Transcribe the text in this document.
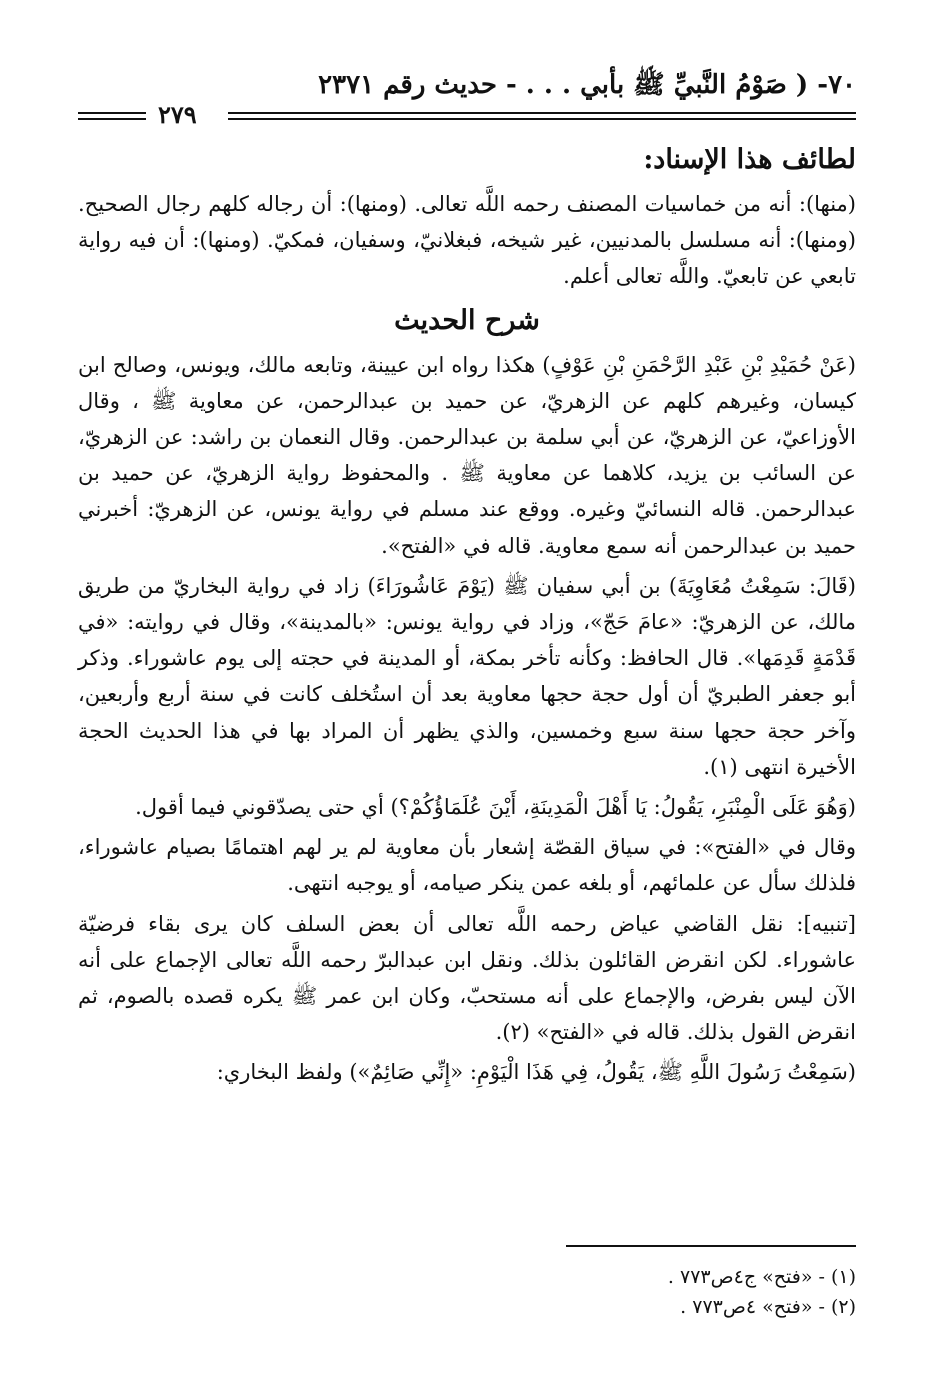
٧٠- ( صَوْمُ النَّبيِّ ﷺ بأبي . . . - حديث رقم ٢٣٧١
٢٧٩
لطائف هذا الإسناد:

(منها): أنه من خماسيات المصنف رحمه اللَّه تعالى. (ومنها): أن رجاله كلهم رجال الصحيح. (ومنها): أنه مسلسل بالمدنيين، غير شيخه، فبغلانيّ، وسفيان، فمكيّ. (ومنها): أن فيه رواية تابعي عن تابعيّ. واللَّه تعالى أعلم.

شرح الحديث

(عَنْ حُمَيْدِ بْنِ عَبْدِ الرَّحْمَنِ بْنِ عَوْفٍ) هكذا رواه ابن عيينة، وتابعه مالك، ويونس، وصالح ابن كيسان، وغيرهم كلهم عن الزهريّ، عن حميد بن عبدالرحمن، عن معاوية ﷺ ، وقال الأوزاعيّ، عن الزهريّ، عن أبي سلمة بن عبدالرحمن. وقال النعمان بن راشد: عن الزهريّ، عن السائب بن يزيد، كلاهما عن معاوية ﷺ . والمحفوظ رواية الزهريّ، عن حميد بن عبدالرحمن. قاله النسائيّ وغيره. ووقع عند مسلم في رواية يونس، عن الزهريّ: أخبرني حميد بن عبدالرحمن أنه سمع معاوية. قاله في «الفتح».

(قَالَ: سَمِعْتُ مُعَاوِيَةَ) بن أبي سفيان ﷺ (يَوْمَ عَاشُورَاءَ) زاد في رواية البخاريّ من طريق مالك، عن الزهريّ: «عامَ حَجّ»، وزاد في رواية يونس: «بالمدينة»، وقال في روايته: «في قَدْمَةٍ قَدِمَها». قال الحافظ: وكأنه تأخر بمكة، أو المدينة في حجته إلى يوم عاشوراء. وذكر أبو جعفر الطبريّ أن أول حجة حجها معاوية بعد أن استُخلف كانت في سنة أربع وأربعين، وآخر حجة حجها سنة سبع وخمسين، والذي يظهر أن المراد بها في هذا الحديث الحجة الأخيرة انتهى (١).

(وَهُوَ عَلَى الْمِنْبَرِ، يَقُولُ: يَا أَهْلَ الْمَدِينَةِ، أَيْنَ عُلَمَاؤُكُمْ؟) أي حتى يصدّقوني فيما أقول.

وقال في «الفتح»: في سياق القصّة إشعار بأن معاوية لم ير لهم اهتمامًا بصيام عاشوراء، فلذلك سأل عن علمائهم، أو بلغه عمن ينكر صيامه، أو يوجبه انتهى.

[تنبيه]: نقل القاضي عياض رحمه اللَّه تعالى أن بعض السلف كان يرى بقاء فرضيّة عاشوراء. لكن انقرض القائلون بذلك. ونقل ابن عبدالبرّ رحمه اللَّه تعالى الإجماع على أنه الآن ليس بفرض، والإجماع على أنه مستحبّ، وكان ابن عمر ﷺ يكره قصده بالصوم، ثم انقرض القول بذلك. قاله في «الفتح» (٢).

(سَمِعْتُ رَسُولَ اللَّهِ ﷺ، يَقُولُ، فِي هَذَا الْيَوْمِ: «إِنِّي صَائِمٌ») ولفظ البخاري:

(١) - «فتح» ج٤ص٧٧٣ .

(٢) - «فتح» ٤ص٧٧٣ .
